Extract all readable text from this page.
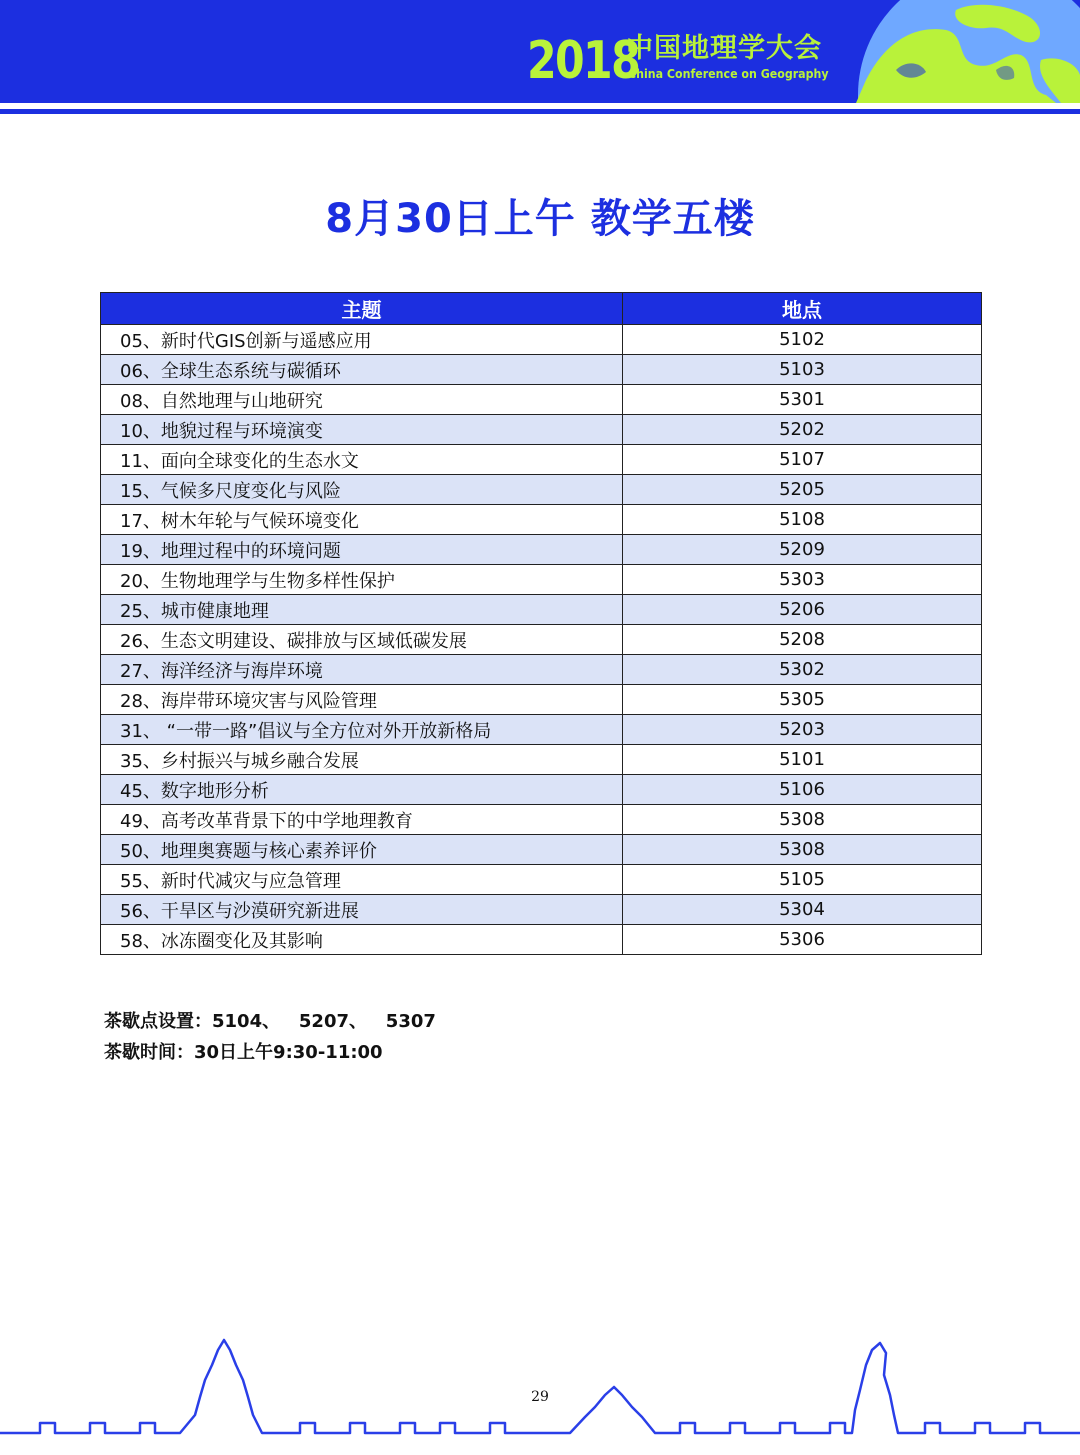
2018
中国地理学大会
China Conference on Geography
8月30日上午 教学五楼
主题	地点
05、新时代GIS创新与遥感应用	5102
06、全球生态系统与碳循环	5103
08、自然地理与山地研究	5301
10、地貌过程与环境演变	5202
11、面向全球变化的生态水文	5107
15、气候多尺度变化与风险	5205
17、树木年轮与气候环境变化	5108
19、地理过程中的环境问题	5209
20、生物地理学与生物多样性保护	5303
25、城市健康地理	5206
26、生态文明建设、碳排放与区域低碳发展	5208
27、海洋经济与海岸环境	5302
28、海岸带环境灾害与风险管理	5305
31、 “一带一路”倡议与全方位对外开放新格局	5203
35、乡村振兴与城乡融合发展	5101
45、数字地形分析	5106
49、高考改革背景下的中学地理教育	5308
50、地理奥赛题与核心素养评价	5308
55、新时代减灾与应急管理	5105
56、干旱区与沙漠研究新进展	5304
58、冰冻圈变化及其影响	5306
茶歇点设置：5104、   5207、   5307
茶歇时间：30日上午9:30-11:00
29
